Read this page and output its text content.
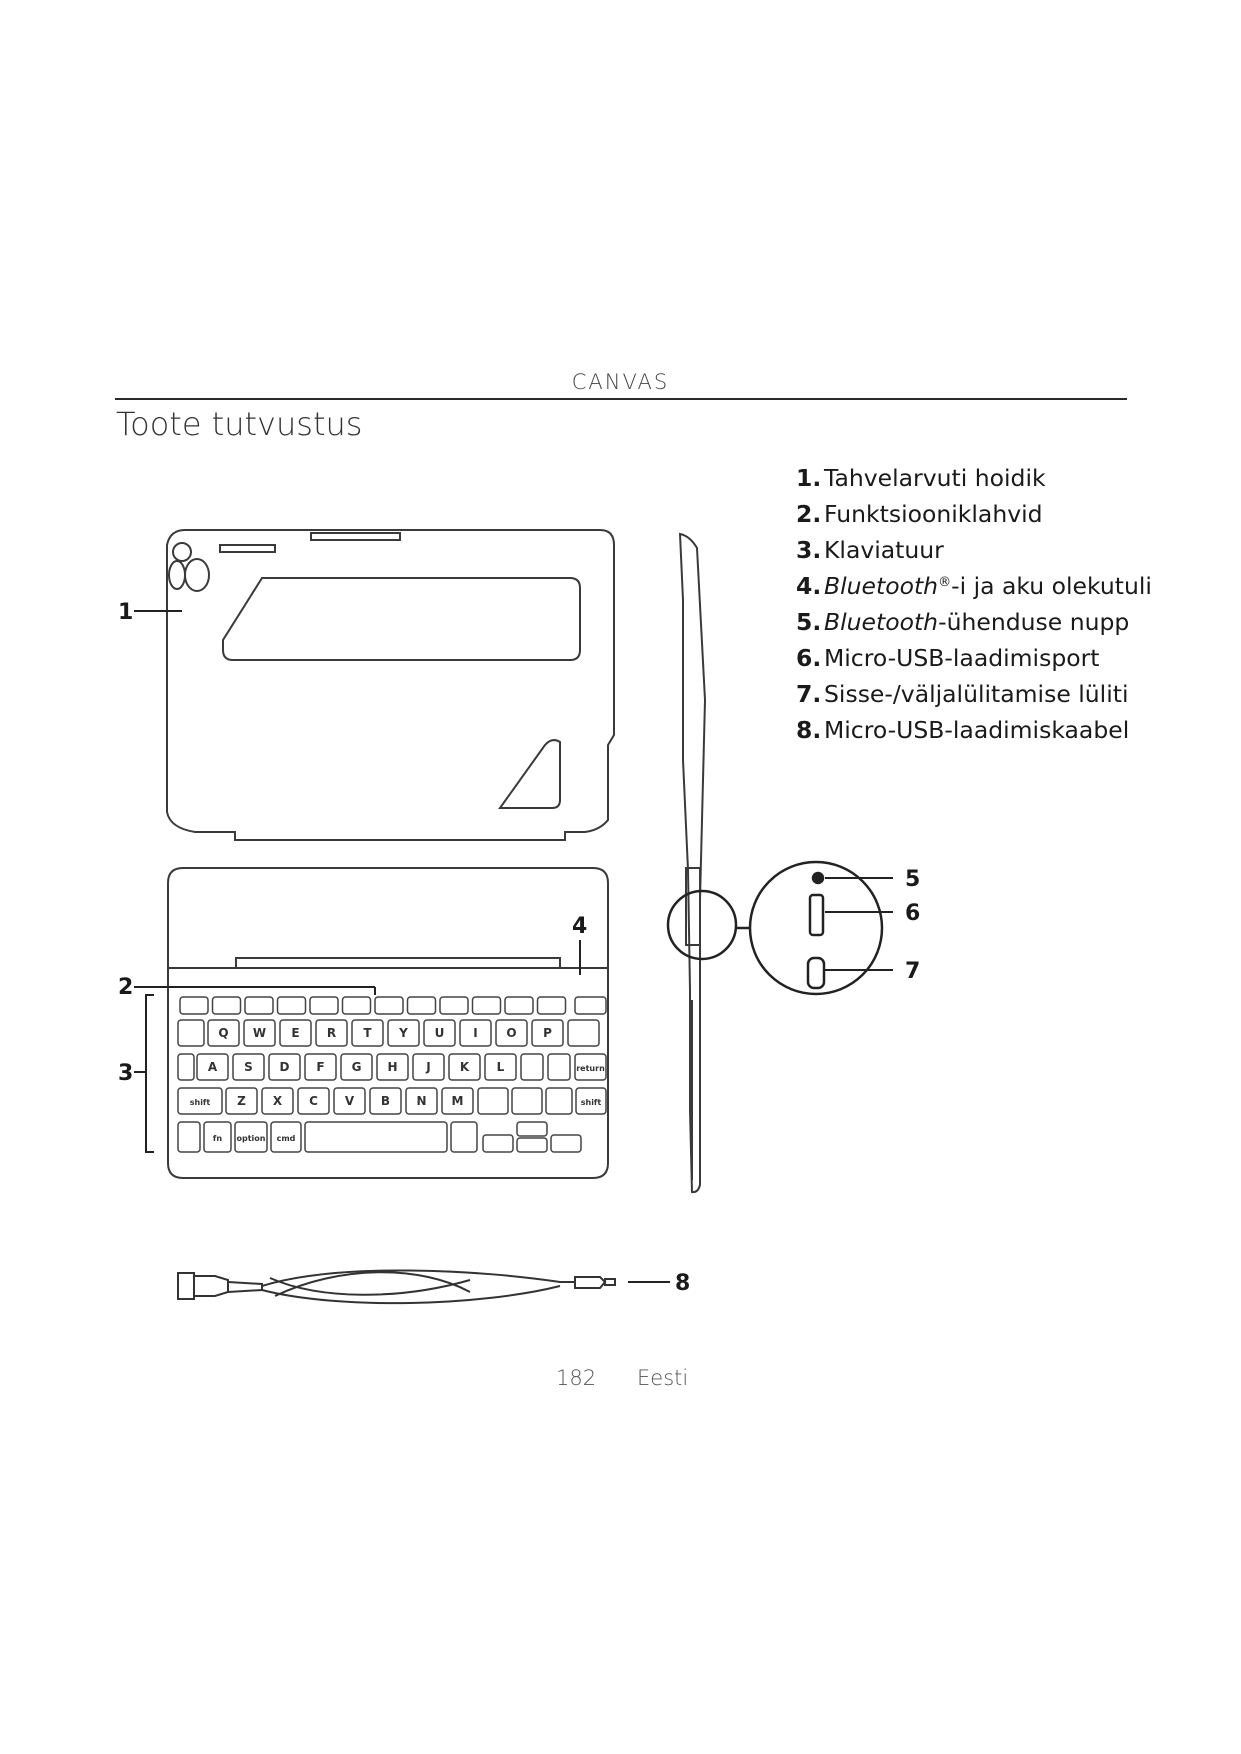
CANVAS
Toote tutvustus
1. Tahvelarvuti hoidik
2. Funktsiooniklahvid
3. Klaviatuur
4. Bluetooth®-i ja aku olekutuli
5. Bluetooth-ühenduse nupp
6. Micro-USB-laadimisport
7. Sisse-/väljalülitamise lüliti
8. Micro-USB-laadimiskaabel
Q W E R T Y U I O P
A S D F G H J K L	return
shift Z X C V B N M	shift
fn option cmd
1
2
3
4
5
6
7
8
182 Eesti
